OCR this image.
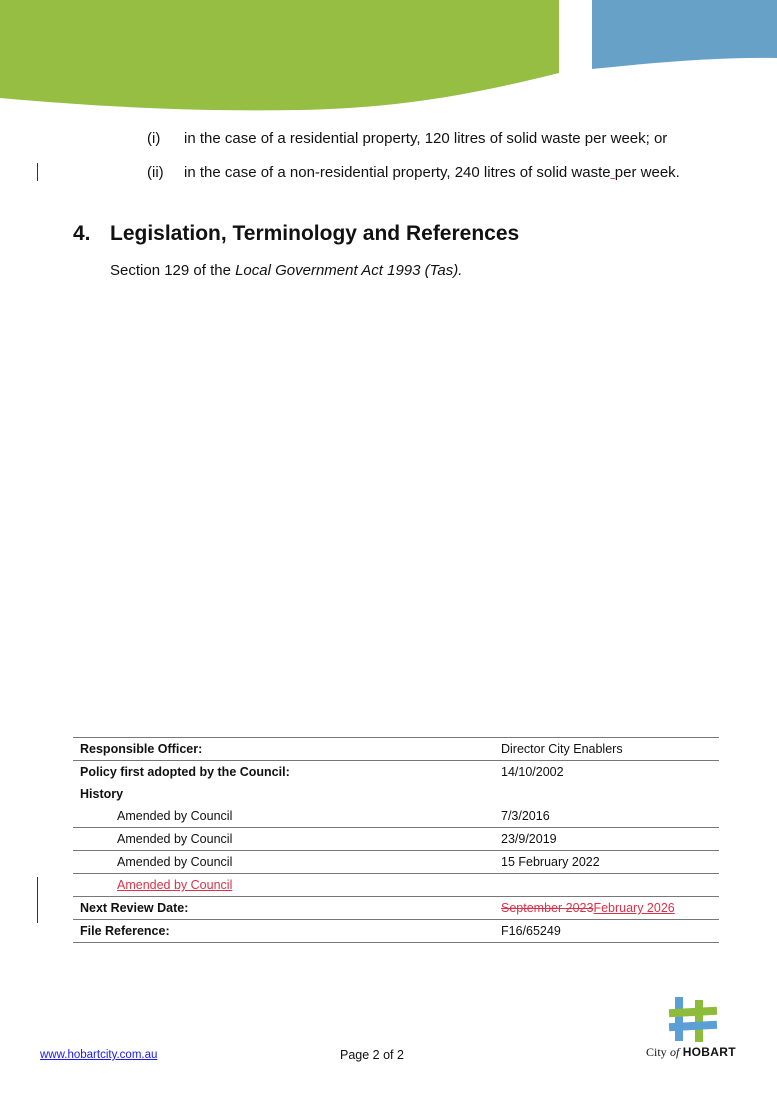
(i) in the case of a residential property, 120 litres of solid waste per week; or
(ii) in the case of a non-residential property, 240 litres of solid waste per week.
4. Legislation, Terminology and References
Section 129 of the Local Government Act 1993 (Tas).
Responsible Officer:	Director City Enablers
Policy first adopted by the Council:	14/10/2002
History	
Amended by Council	7/3/2016
Amended by Council	23/9/2019
Amended by Council	15 February 2022
Amended by Council	
Next Review Date:	September 2023February 2026
File Reference:	F16/65249
www.hobartcity.com.au	Page 2 of 2	City of HOBART
